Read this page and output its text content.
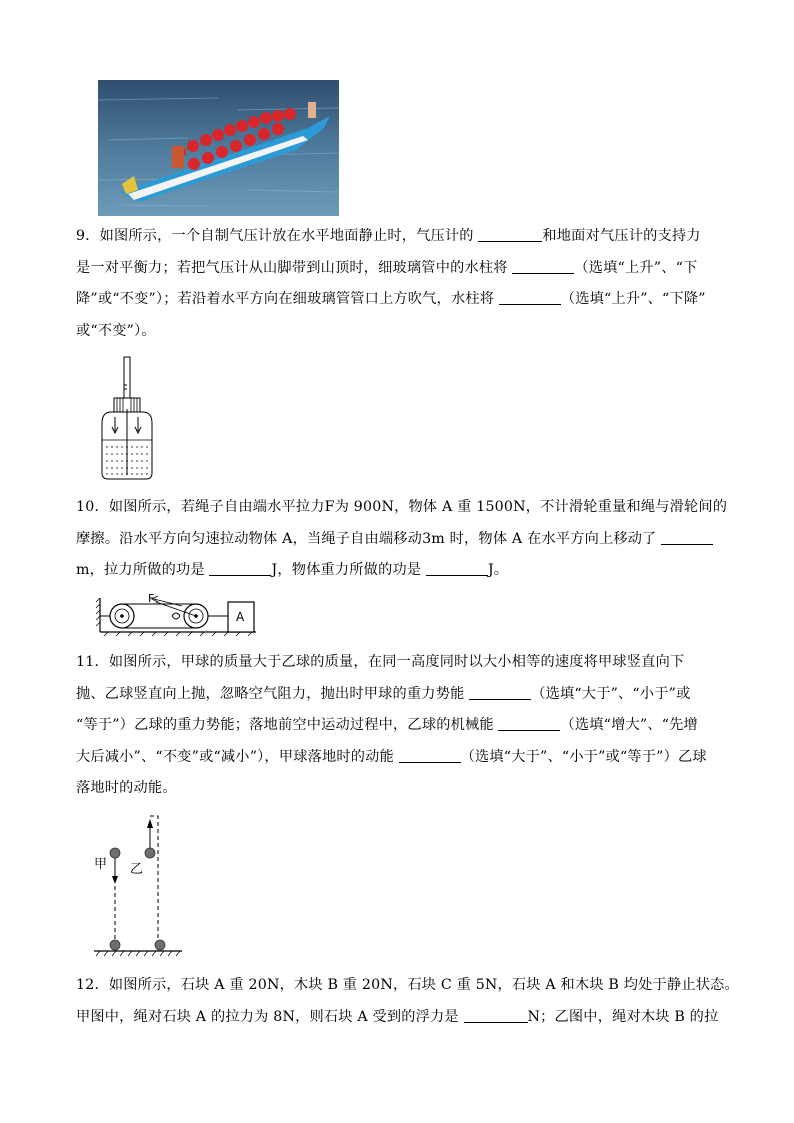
9．如图所示，一个自制气压计放在水平地面静止时，气压计的	和地面对气压计的支持力
是一对平衡力；若把气压计从山脚带到山顶时，细玻璃管中的水柱将	（选填“上升”、“下
降”或“不变”）；若沿着水平方向在细玻璃管管口上方吹气，水柱将	（选填“上升”、“下降”
或“不变”）。
10．如图所示，若绳子自由端水平拉力F为 900N，物体 A 重 1500N，不计滑轮重量和绳与滑轮间的
摩擦。沿水平方向匀速拉动物体 A，当绳子自由端移动3m 时，物体 A 在水平方向上移动了
m，拉力所做的功是	J，物体重力所做的功是	J。
F
A
11．如图所示，甲球的质量大于乙球的质量，在同一高度同时以大小相等的速度将甲球竖直向下
抛、乙球竖直向上抛，忽略空气阻力，抛出时甲球的重力势能	（选填“大于”、“小于”或
“等于”）乙球的重力势能；落地前空中运动过程中，乙球的机械能	（选填“增大”、“先增
大后减小”、“不变”或“减小”），甲球落地时的动能	（选填“大于”、“小于”或“等于”）乙球
落地时的动能。
甲 乙
12．如图所示，石块 A 重 20N，木块 B 重 20N，石块 C 重 5N，石块 A 和木块 B 均处于静止状态。
甲图中，绳对石块 A 的拉力为 8N，则石块 A 受到的浮力是	N；乙图中，绳对木块 B 的拉
